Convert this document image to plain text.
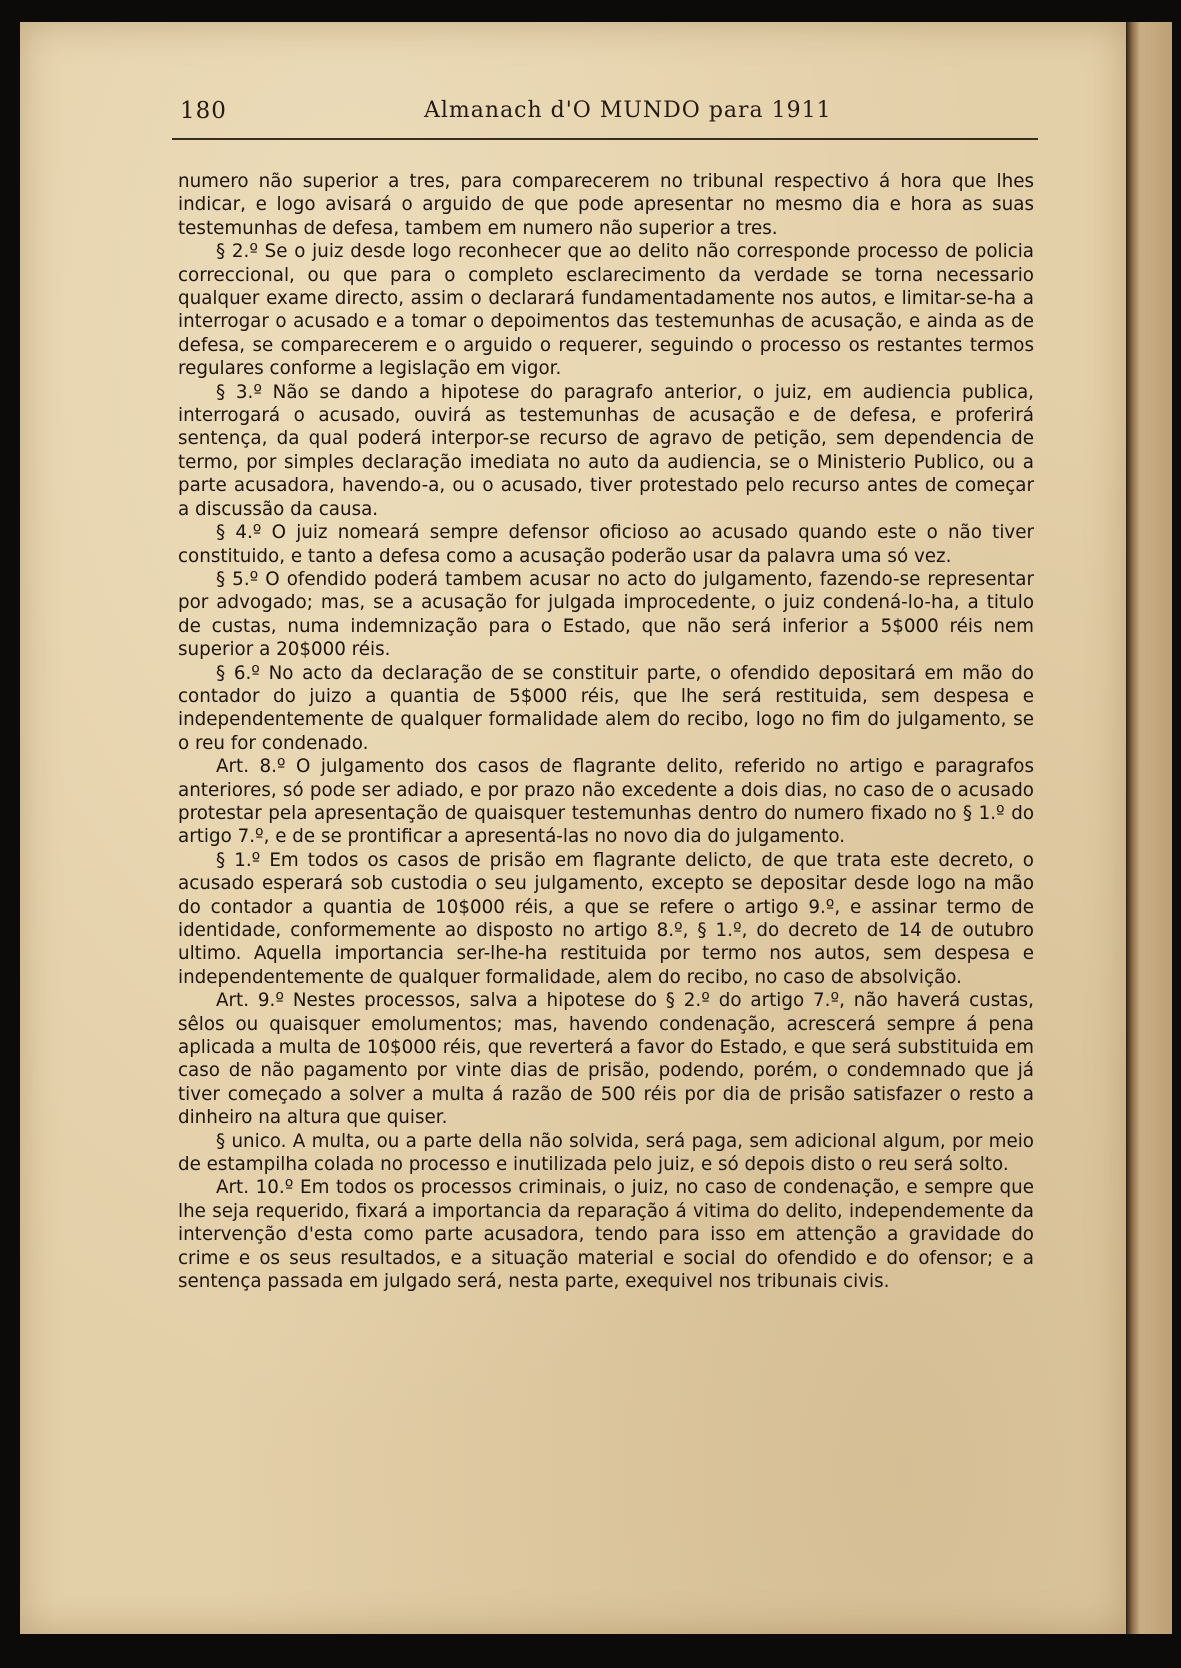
180	Almanach d'O MUNDO para 1911

numero não superior a tres, para comparecerem no tribunal respectivo á hora que lhes indicar, e logo avisará o arguido de que pode apresentar no mesmo dia e hora as suas testemunhas de defesa, tambem em numero não superior a tres.

§ 2.º Se o juiz desde logo reconhecer que ao delito não corresponde processo de policia correccional, ou que para o completo esclarecimento da verdade se torna necessario qualquer exame directo, assim o declarará fundamentadamente nos autos, e limitar-se-ha a interrogar o acusado e a tomar o depoimentos das testemunhas de acusação, e ainda as de defesa, se comparecerem e o arguido o requerer, seguindo o processo os restantes termos regulares conforme a legislação em vigor.

§ 3.º Não se dando a hipotese do paragrafo anterior, o juiz, em audiencia publica, interrogará o acusado, ouvirá as testemunhas de acusação e de defesa, e proferirá sentença, da qual poderá interpor-se recurso de agravo de petição, sem dependencia de termo, por simples declaração imediata no auto da audiencia, se o Ministerio Publico, ou a parte acusadora, havendo-a, ou o acusado, tiver protestado pelo recurso antes de começar a discussão da causa.

§ 4.º O juiz nomeará sempre defensor oficioso ao acusado quando este o não tiver constituido, e tanto a defesa como a acusação poderão usar da palavra uma só vez.

§ 5.º O ofendido poderá tambem acusar no acto do julgamento, fazendo-se representar por advogado; mas, se a acusação for julgada improcedente, o juiz condená-lo-ha, a titulo de custas, numa indemnização para o Estado, que não será inferior a 5$000 réis nem superior a 20$000 réis.

§ 6.º No acto da declaração de se constituir parte, o ofendido depositará em mão do contador do juizo a quantia de 5$000 réis, que lhe será restituida, sem despesa e independentemente de qualquer formalidade alem do recibo, logo no fim do julgamento, se o reu for condenado.

Art. 8.º O julgamento dos casos de flagrante delito, referido no artigo e paragrafos anteriores, só pode ser adiado, e por prazo não excedente a dois dias, no caso de o acusado protestar pela apresentação de quaisquer testemunhas dentro do numero fixado no § 1.º do artigo 7.º, e de se prontificar a apresentá-las no novo dia do julgamento.

§ 1.º Em todos os casos de prisão em flagrante delicto, de que trata este decreto, o acusado esperará sob custodia o seu julgamento, excepto se depositar desde logo na mão do contador a quantia de 10$000 réis, a que se refere o artigo 9.º, e assinar termo de identidade, conformemente ao disposto no artigo 8.º, § 1.º, do decreto de 14 de outubro ultimo. Aquella importancia ser-lhe-ha restituida por termo nos autos, sem despesa e independentemente de qualquer formalidade, alem do recibo, no caso de absolvição.

Art. 9.º Nestes processos, salva a hipotese do § 2.º do artigo 7.º, não haverá custas, sêlos ou quaisquer emolumentos; mas, havendo condenação, acrescerá sempre á pena aplicada a multa de 10$000 réis, que reverterá a favor do Estado, e que será substituida em caso de não pagamento por vinte dias de prisão, podendo, porém, o condemnado que já tiver começado a solver a multa á razão de 500 réis por dia de prisão satisfazer o resto a dinheiro na altura que quiser.

§ unico. A multa, ou a parte della não solvida, será paga, sem adicional algum, por meio de estampilha colada no processo e inutilizada pelo juiz, e só depois disto o reu será solto.

Art. 10.º Em todos os processos criminais, o juiz, no caso de condenação, e sempre que lhe seja requerido, fixará a importancia da reparação á vitima do delito, independemente da intervenção d'esta como parte acusadora, tendo para isso em attenção a gravidade do crime e os seus resultados, e a situação material e social do ofendido e do ofensor; e a sentença passada em julgado será, nesta parte, exequivel nos tribunais civis.
